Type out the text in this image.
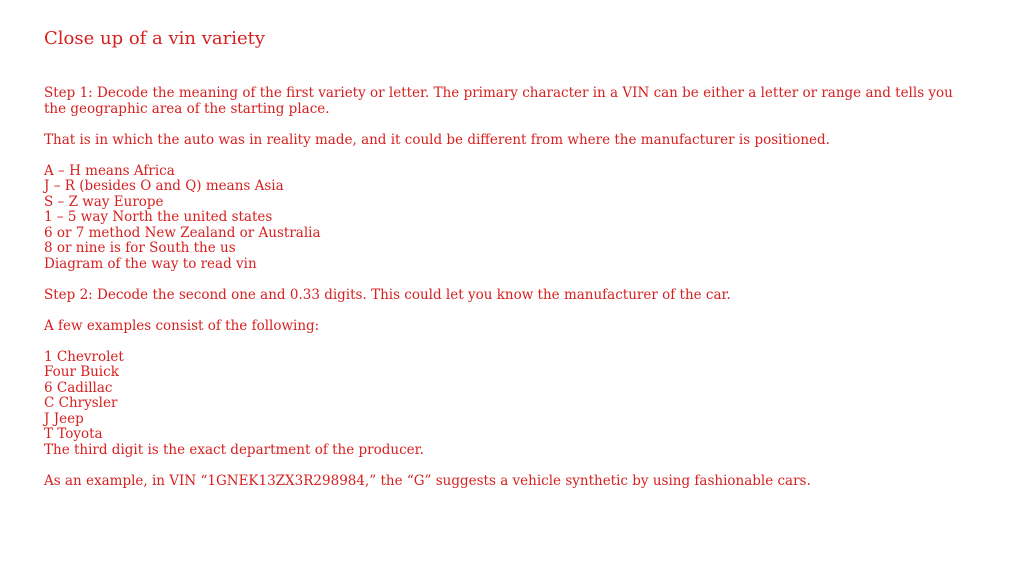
Close up of a vin variety

Step 1: Decode the meaning of the first variety or letter. The primary character in a VIN can be either a letter or range and tells you the geographic area of the starting place.

That is in which the auto was in reality made, and it could be different from where the manufacturer is positioned.

A – H means Africa
J – R (besides O and Q) means Asia
S – Z way Europe
1 – 5 way North the united states
6 or 7 method New Zealand or Australia
8 or nine is for South the us
Diagram of the way to read vin

Step 2: Decode the second one and 0.33 digits. This could let you know the manufacturer of the car.

A few examples consist of the following:

1 Chevrolet
Four Buick
6 Cadillac
C Chrysler
J Jeep
T Toyota
The third digit is the exact department of the producer.

As an example, in VIN “1GNEK13ZX3R298984,” the “G” suggests a vehicle synthetic by using fashionable cars.
